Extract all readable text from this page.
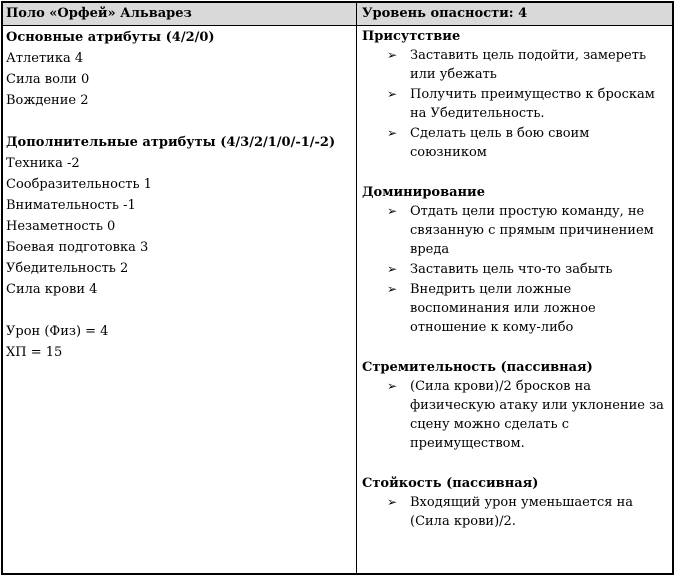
Поло «Орфей» Альварез	Уровень опасности: 4
Основные атрибуты (4/2/0)
Атлетика 4
Сила воли 0
Вождение 2
Дополнительные атрибуты (4/3/2/1/0/-1/-2)
Техника -2
Сообразительность 1
Внимательность -1
Незаметность 0
Боевая подготовка 3
Убедительность 2
Сила крови 4
Урон (Физ) = 4
ХП = 15
Присутствие
➢ Заставить цель подойти, замереть или убежать
➢ Получить преимущество к броскам на Убедительность.
➢ Сделать цель в бою своим союзником
Доминирование
➢ Отдать цели простую команду, не связанную с прямым причинением вреда
➢ Заставить цель что-то забыть
➢ Внедрить цели ложные воспоминания или ложное отношение к кому-либо
Стремительность (пассивная)
➢ (Сила крови)/2 бросков на физическую атаку или уклонение за сцену можно сделать с преимуществом.
Стойкость (пассивная)
➢ Входящий урон уменьшается на (Сила крови)/2.
